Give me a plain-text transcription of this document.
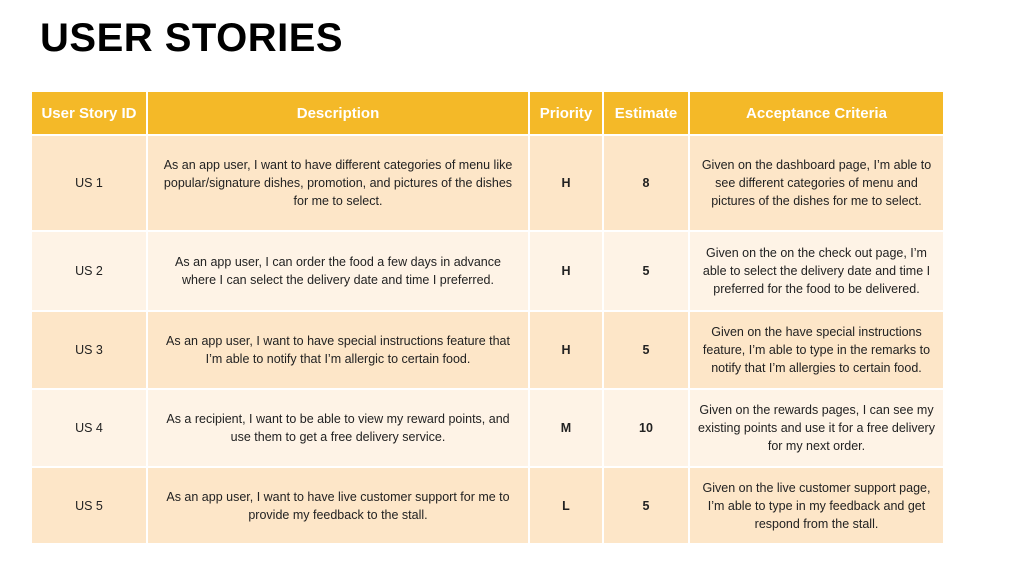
USER STORIES
User Story ID	Description	Priority	Estimate	Acceptance Criteria
US 1	As an app user, I want to have different categories of menu like popular/signature dishes, promotion, and pictures of the dishes for me to select.	H	8	Given on the dashboard page, I’m able to see different categories of menu and pictures of the dishes for me to select.
US 2	As an app user, I can order the food a few days in advance where I can select the delivery date and time I preferred.	H	5	Given on the on the check out page, I’m able to select the delivery date and time I preferred for the food to be delivered.
US 3	As an app user, I want to have special instructions feature that I’m able to notify that I’m allergic to certain food.	H	5	Given on the have special instructions feature, I’m able to type in the remarks to notify that I’m allergies to certain food.
US 4	As a recipient, I want to be able to view my reward points, and use them to get a free delivery service.	M	10	Given on the rewards pages, I can see my existing points and use it for a free delivery for my next order.
US 5	As an app user, I want to have live customer support for me to provide my feedback to the stall.	L	5	Given on the live customer support page, I’m able to type in my feedback and get respond from the stall.
